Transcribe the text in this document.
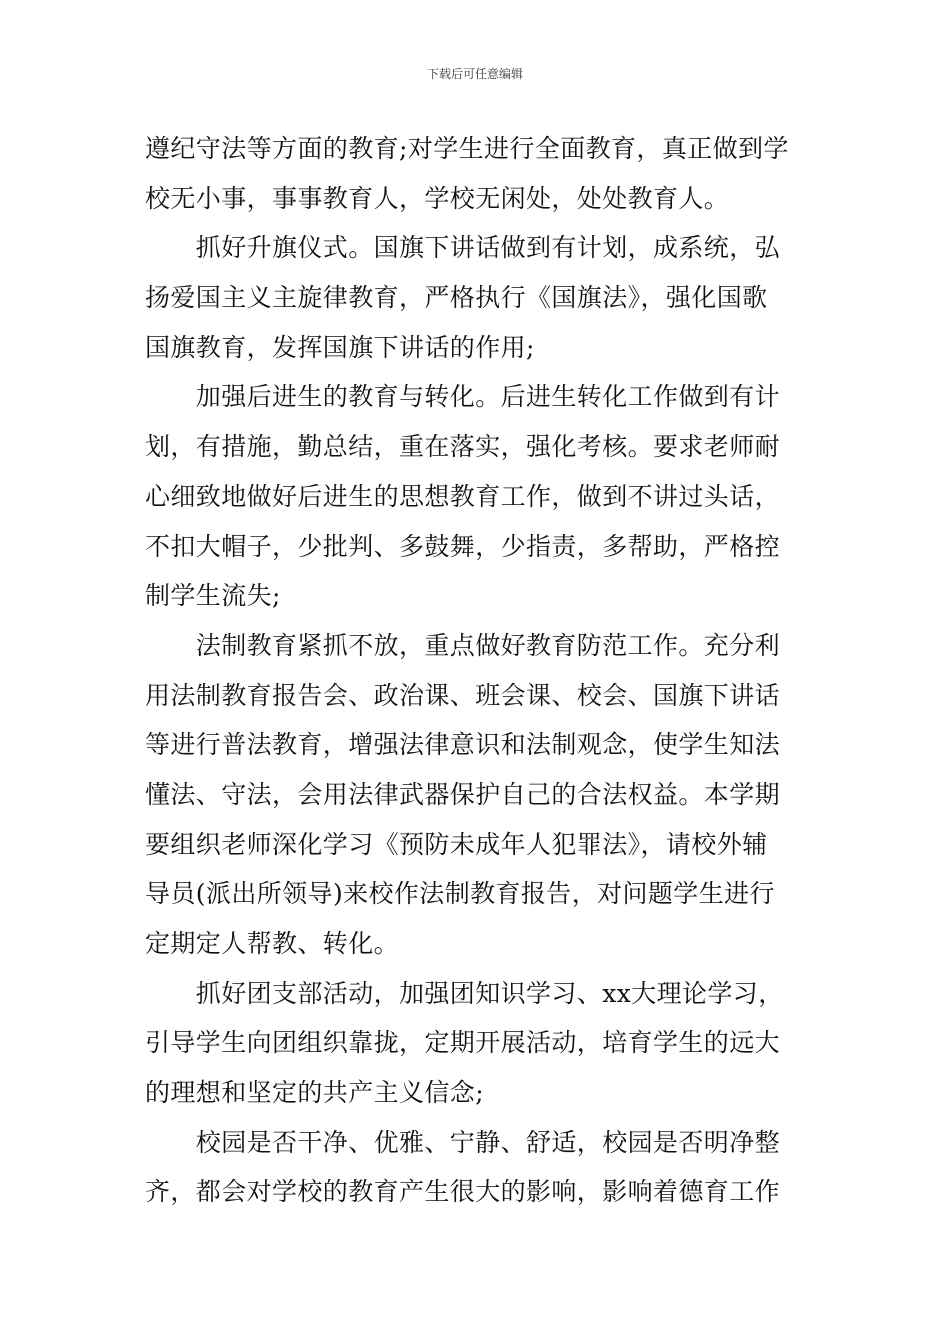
下载后可任意编辑
遵纪守法等方面的教育;对学生进行全面教育，真正做到学
校无小事，事事教育人，学校无闲处，处处教育人。
　　抓好升旗仪式。国旗下讲话做到有计划，成系统，弘
扬爱国主义主旋律教育，严格执行《国旗法》，强化国歌
国旗教育，发挥国旗下讲话的作用;
　　加强后进生的教育与转化。后进生转化工作做到有计
划，有措施，勤总结，重在落实，强化考核。要求老师耐
心细致地做好后进生的思想教育工作，做到不讲过头话，
不扣大帽子，少批判、多鼓舞，少指责，多帮助，严格控
制学生流失;
　　法制教育紧抓不放，重点做好教育防范工作。充分利
用法制教育报告会、政治课、班会课、校会、国旗下讲话
等进行普法教育，增强法律意识和法制观念，使学生知法
懂法、守法，会用法律武器保护自己的合法权益。本学期
要组织老师深化学习《预防未成年人犯罪法》，请校外辅
导员(派出所领导)来校作法制教育报告，对问题学生进行
定期定人帮教、转化。
　　抓好团支部活动，加强团知识学习、xx大理论学习，
引导学生向团组织靠拢，定期开展活动，培育学生的远大
的理想和坚定的共产主义信念;
　　校园是否干净、优雅、宁静、舒适，校园是否明净整
齐，都会对学校的教育产生很大的影响，影响着德育工作
